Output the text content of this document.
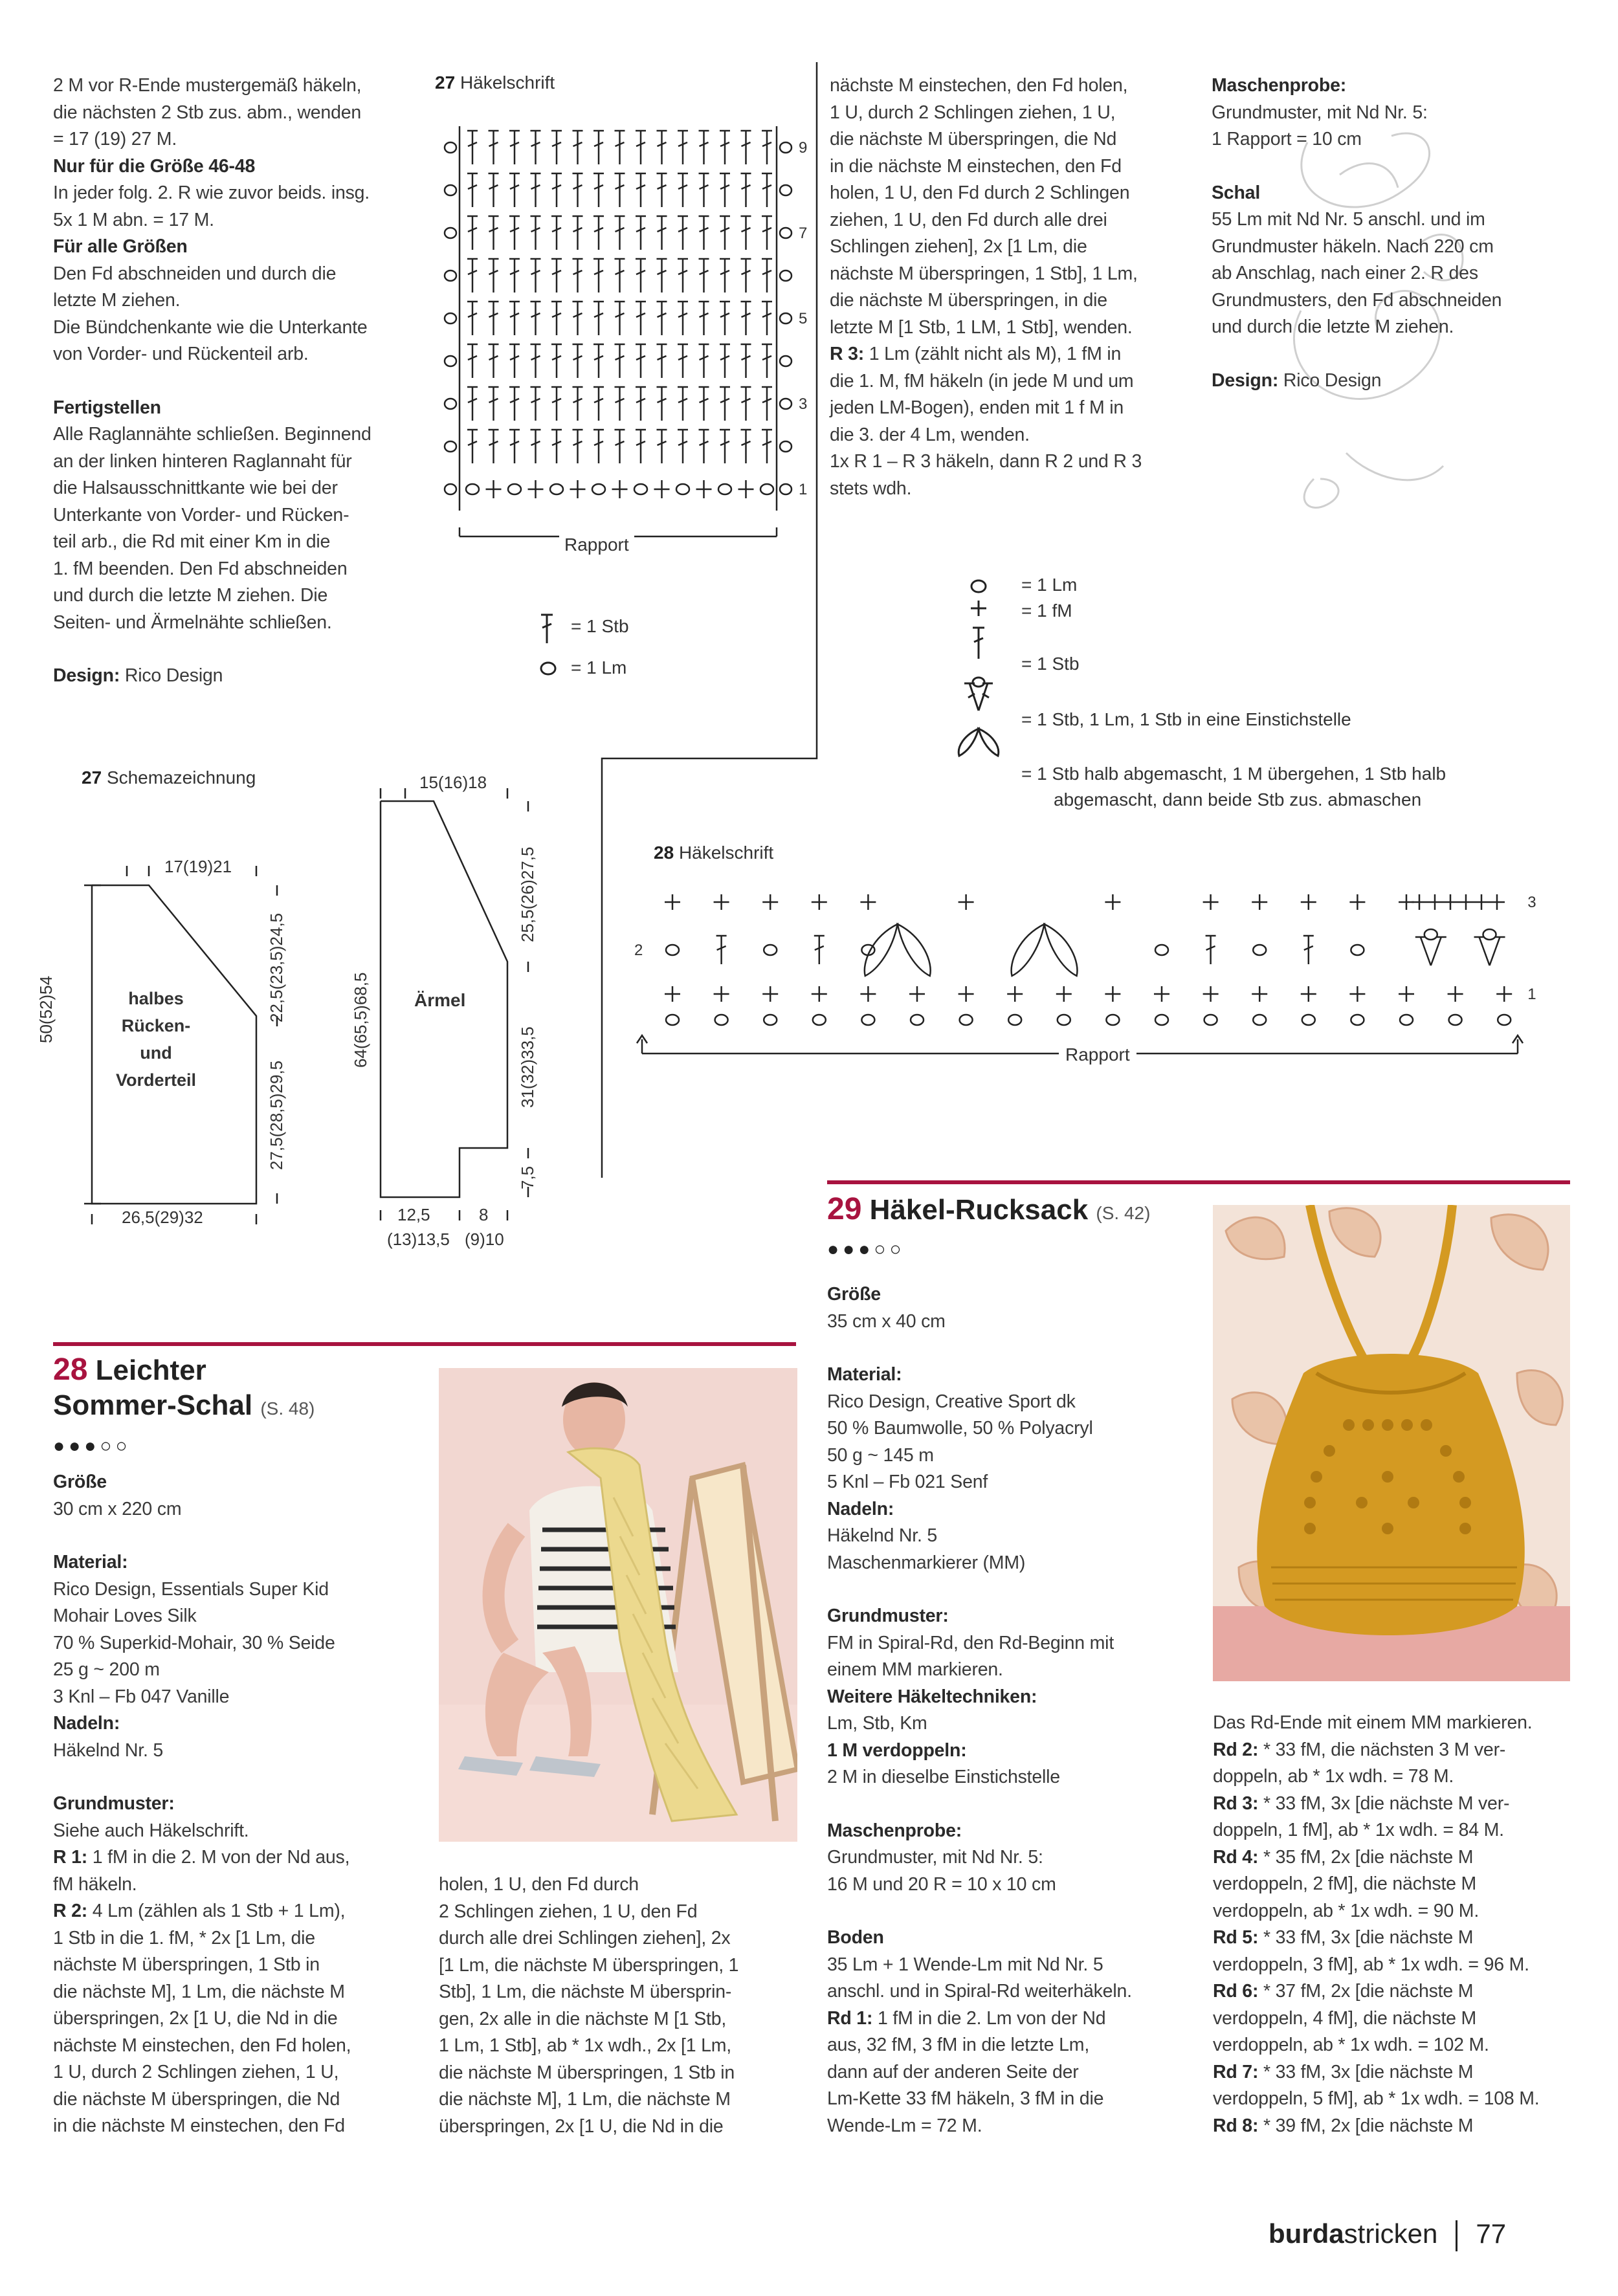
2 M vor R-Ende mustergemäß häkeln,

die nächsten 2 Stb zus. abm., wenden

= 17 (19) 27 M.

Nur für die Größe 46-48

In jeder folg. 2. R wie zuvor beids. insg.

5x 1 M abn. = 17 M.

Für alle Größen

Den Fd abschneiden und durch die

letzte M ziehen.

Die Bündchenkante wie die Unterkante

von Vorder- und Rückenteil arb.

Fertigstellen

Alle Raglannähte schließen. Beginnend

an der linken hinteren Raglannaht für

die Halsausschnittkante wie bei der

Unterkante von Vorder- und Rücken-

teil arb., die Rd mit einer Km in die

1. fM beenden. Den Fd abschneiden

und durch die letzte M ziehen. Die

Seiten- und Ärmelnähte schließen.

Design: Rico Design

27 Häkelschrift
9
7
5
3
1
Rapport
= 1 Stb
= 1 Lm

nächste M einstechen, den Fd holen,

1 U, durch 2 Schlingen ziehen, 1 U,

die nächste M überspringen, die Nd

in die nächste M einstechen, den Fd

holen, 1 U, den Fd durch 2 Schlingen

ziehen, 1 U, den Fd durch alle drei

Schlingen ziehen], 2x [1 Lm, die

nächste M überspringen, 1 Stb], 1 Lm,

die nächste M überspringen, in die

letzte M [1 Stb, 1 LM, 1 Stb], wenden.

R 3: 1 Lm (zählt nicht als M), 1 fM in

die 1. M, fM häkeln (in jede M und um

jeden LM-Bogen), enden mit 1 f M in

die 3. der 4 Lm, wenden.

1x R 1 – R 3 häkeln, dann R 2 und R 3

stets wdh.

Maschenprobe:

Grundmuster, mit Nd Nr. 5:

1 Rapport = 10 cm

Schal

55 Lm mit Nd Nr. 5 anschl. und im

Grundmuster häkeln. Nach 220 cm

ab Anschlag, nach einer 2. R des

Grundmusters, den Fd abschneiden

und durch die letzte M ziehen.

Design: Rico Design

= 1 Lm
= 1 fM
= 1 Stb
= 1 Stb, 1 Lm, 1 Stb in eine Einstichstelle
= 1 Stb halb abgemascht, 1 M übergehen, 1 Stb halb
abgemascht, dann beide Stb zus. abmaschen
28 Häkelschrift
3
2
1
Rapport
27 Schemazeichnung
halbes
Rücken-
und
Vorderteil
Ärmel
17(19)21
15(16)18
26,5(29)32	12,5	8
(13)13,5 (9)10
50(52)54	22,5(23,5)24,5
27,5(28,5)29,5
64(65,5)68,5
25,5(26)27,5
31(32)33,5
7,5
28 Leichter
Sommer-Schal (S. 48)
●●●○○

Größe

30 cm x 220 cm

Material:

Rico Design, Essentials Super Kid

Mohair Loves Silk

70 % Superkid-Mohair, 30 % Seide

25 g ~ 200 m

3 Knl – Fb 047 Vanille

Nadeln:

Häkelnd Nr. 5

Grundmuster:

Siehe auch Häkelschrift.

R 1: 1 fM in die 2. M von der Nd aus,

fM häkeln.

R 2: 4 Lm (zählen als 1 Stb + 1 Lm),

1 Stb in die 1. fM, * 2x [1 Lm, die

nächste M überspringen, 1 Stb in

die nächste M], 1 Lm, die nächste M

überspringen, 2x [1 U, die Nd in die

nächste M einstechen, den Fd holen,

1 U, durch 2 Schlingen ziehen, 1 U,

die nächste M überspringen, die Nd

in die nächste M einstechen, den Fd

holen, 1 U, den Fd durch

2 Schlingen ziehen, 1 U, den Fd

durch alle drei Schlingen ziehen], 2x

[1 Lm, die nächste M überspringen, 1

Stb], 1 Lm, die nächste M übersprin-

gen, 2x alle in die nächste M [1 Stb,

1 Lm, 1 Stb], ab * 1x wdh., 2x [1 Lm,

die nächste M überspringen, 1 Stb in

die nächste M], 1 Lm, die nächste M

überspringen, 2x [1 U, die Nd in die

29 Häkel-Rucksack (S. 42)
●●●○○

Größe

35 cm x 40 cm

Material:

Rico Design, Creative Sport dk

50 % Baumwolle, 50 % Polyacryl

50 g ~ 145 m

5 Knl – Fb 021 Senf

Nadeln:

Häkelnd Nr. 5

Maschenmarkierer (MM)

Grundmuster:

FM in Spiral-Rd, den Rd-Beginn mit

einem MM markieren.

Weitere Häkeltechniken:

Lm, Stb, Km

1 M verdoppeln:

2 M in dieselbe Einstichstelle

Maschenprobe:

Grundmuster, mit Nd Nr. 5:

16 M und 20 R = 10 x 10 cm

Boden

35 Lm + 1 Wende-Lm mit Nd Nr. 5

anschl. und in Spiral-Rd weiterhäkeln.

Rd 1: 1 fM in die 2. Lm von der Nd

aus, 32 fM, 3 fM in die letzte Lm,

dann auf der anderen Seite der

Lm-Kette 33 fM häkeln, 3 fM in die

Wende-Lm = 72 M.

Das Rd-Ende mit einem MM markieren.

Rd 2: * 33 fM, die nächsten 3 M ver-

doppeln, ab * 1x wdh. = 78 M.

Rd 3: * 33 fM, 3x [die nächste M ver-

doppeln, 1 fM], ab * 1x wdh. = 84 M.

Rd 4: * 35 fM, 2x [die nächste M

verdoppeln, 2 fM], die nächste M

verdoppeln, ab * 1x wdh. = 90 M.

Rd 5: * 33 fM, 3x [die nächste M

verdoppeln, 3 fM], ab * 1x wdh. = 96 M.

Rd 6: * 37 fM, 2x [die nächste M

verdoppeln, 4 fM], die nächste M

verdoppeln, ab * 1x wdh. = 102 M.

Rd 7: * 33 fM, 3x [die nächste M

verdoppeln, 5 fM], ab * 1x wdh. = 108 M.

Rd 8: * 39 fM, 2x [die nächste M

burdastricken 77
